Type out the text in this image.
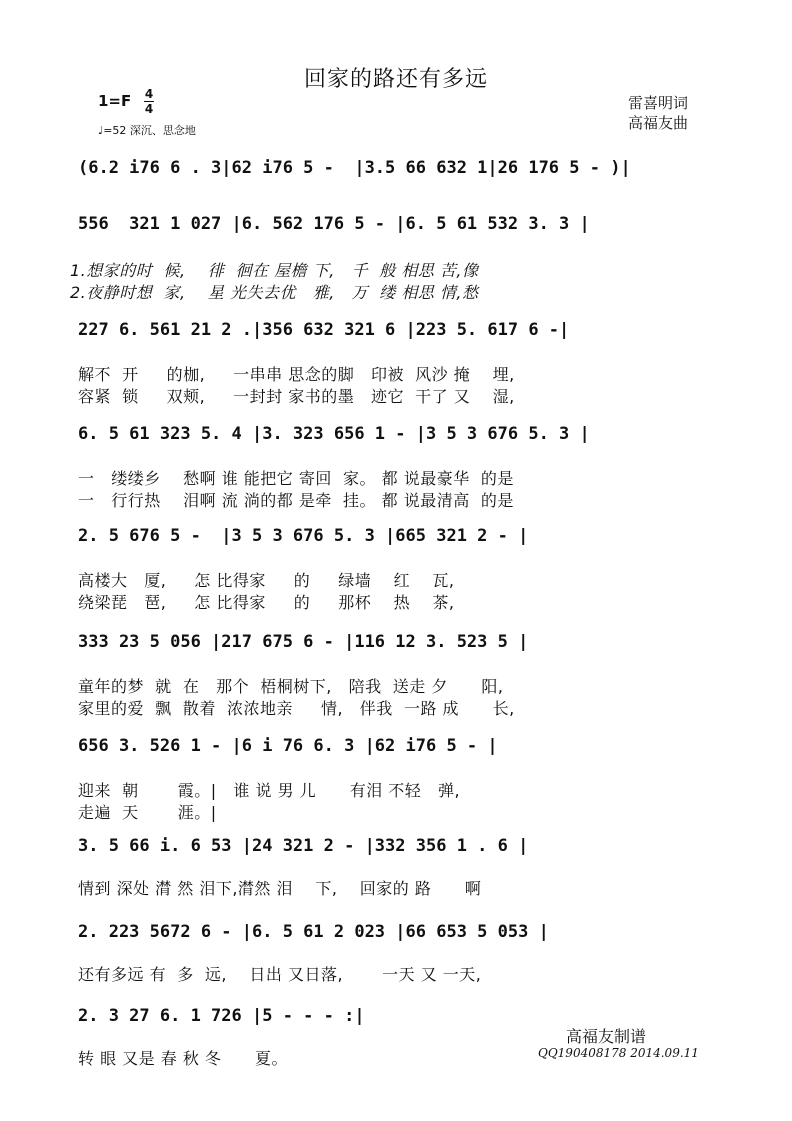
回家的路还有多远
1=F 4
4
♩=52 深沉、思念地
雷喜明词
高福友曲
(6.2 i76 6 . 3|62 i76 5 -  |3.5 66 632 1|26 176 5 - )|
556  321 1 027 |6. 562 176 5 - |6. 5 61 532 3. 3 |
1.想家的时  候,    徘  徊在 屋檐 下,   千  般 相思 苦,像
2.夜静时想  家,    星 光失去优   雅,   万  缕 相思 情,愁
227 6. 561 21 2 .|356 632 321 6 |223 5. 617 6 -|
解不  开     的枷,     一串串 思念的脚   印被  风沙 掩    埋,
容紧  锁     双颊,     一封封 家书的墨   迹它  干了 又    湿,
6. 5 61 323 5. 4 |3. 323 656 1 - |3 5 3 676 5. 3 |
一   缕缕乡    愁啊 谁 能把它 寄回  家。 都 说最豪华  的是
一   行行热    泪啊 流 淌的都 是牵  挂。 都 说最清高  的是
2. 5 676 5 -  |3 5 3 676 5. 3 |665 321 2 - |
高楼大   厦,     怎 比得家     的     绿墙    红    瓦,
绕梁琵   琶,     怎 比得家     的     那杯    热    茶,
333 23 5 056 |217 675 6 - |116 12 3. 523 5 |
童年的梦  就  在   那个  梧桐树下,   陪我  送走 夕      阳,
家里的爱  飘  散着  浓浓地亲     情,   伴我  一路 成      长,
656 3. 526 1 - |6 i 76 6. 3 |62 i76 5 - |
迎来  朝       霞。|   谁 说 男 儿      有泪 不轻   弹,
走遍  天       涯。|
3. 5 66 i. 6 53 |24 321 2 - |332 356 1 . 6 |
情到 深处 潸 然 泪下,潸然 泪    下,    回家的 路      啊
2. 223 5672 6 - |6. 5 61 2 023 |66 653 5 053 |
还有多远 有  多  远,    日出 又日落,       一天 又 一天,
2. 3 27 6. 1 726 |5 - - - :|
转 眼 又是 春 秋 冬      夏。
高福友制谱
QQ190408178 2014.09.11
